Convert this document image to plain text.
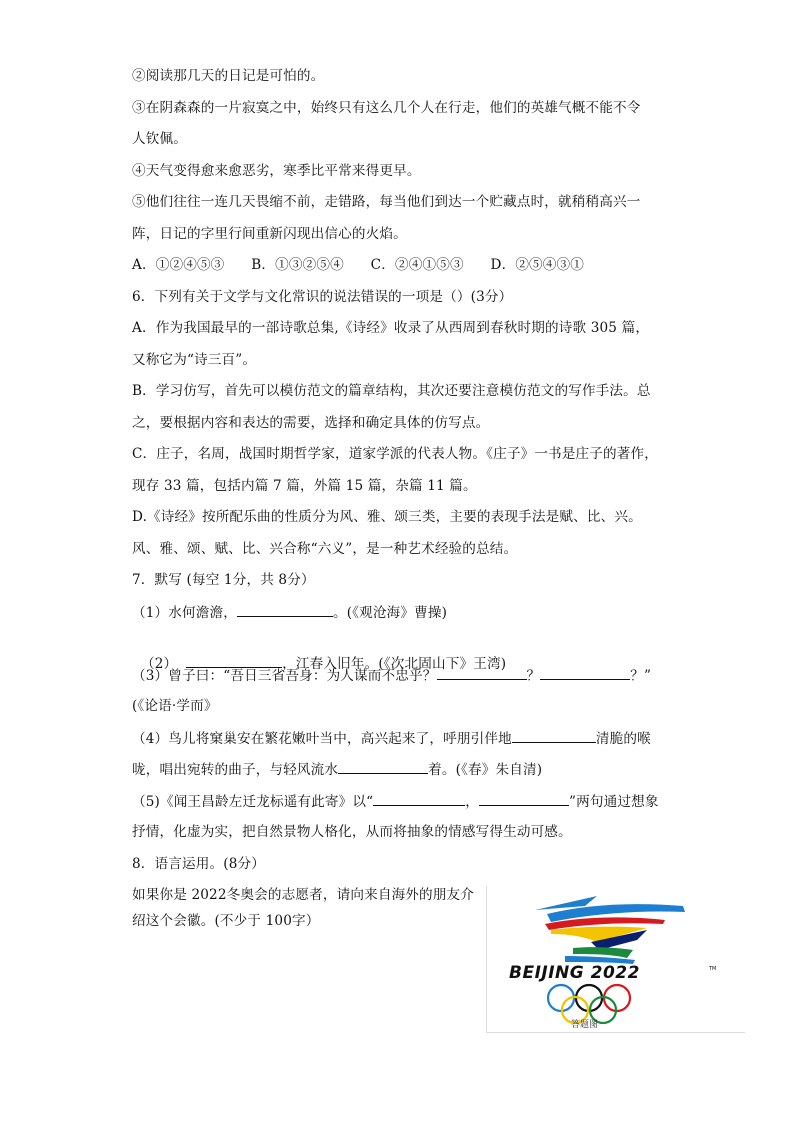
②阅读那几天的日记是可怕的。
③在阴森森的一片寂寞之中，始终只有这么几个人在行走，他们的英雄气概不能不令
人钦佩。
④天气变得愈来愈恶劣，寒季比平常来得更早。
⑤他们往往一连几天畏缩不前，走错路，每当他们到达一个贮藏点时，就稍稍高兴一
阵，日记的字里行间重新闪现出信心的火焰。
A．①②④⑤③      B．①③②⑤④      C．②④①⑤③      D．②⑤④③①
6．下列有关于文学与文化常识的说法错误的一项是（）(3分）
A．作为我国最早的一部诗歌总集,《诗经》收录了从西周到春秋时期的诗歌 305 篇，
又称它为“诗三百”。
B．学习仿写，首先可以模仿范文的篇章结构，其次还要注意模仿范文的写作手法。总
之，要根据内容和表达的需要，选择和确定具体的仿写点。
C．庄子，名周，战国时期哲学家，道家学派的代表人物。《庄子》一书是庄子的著作，
现存 33 篇，包括内篇 7 篇，外篇 15 篇，杂篇 11 篇。
D.《诗经》按所配乐曲的性质分为风、雅、颂三类，主要的表现手法是赋、比、兴。
风、雅、颂、赋、比、兴合称“六义”，是一种艺术经验的总结。
7．默写 (每空 1分，共 8分）
（1）水何澹澹，	。(《观沧海》曹操)

（2）	，江春入旧年。(《次北固山下》王湾)

（3）曾子曰：“吾日三省吾身：为人谋而不忠乎？	？	？”
(《论语·学而》
（4）鸟儿将窠巢安在繁花嫩叶当中，高兴起来了，呼朋引伴地	清脆的喉
咙，唱出宛转的曲子，与轻风流水	着。(《春》朱自清)
（5)《闻王昌龄左迁龙标遥有此寄》以“	，	”两句通过想象
抒情，化虚为实，把自然景物人格化，从而将抽象的情感写得生动可感。
8．语言运用。(8分）
如果你是 2022冬奥会的志愿者，请向来自海外的朋友介
绍这个会徽。(不少于 100字）
BEIJING 2022	TM
答题图
